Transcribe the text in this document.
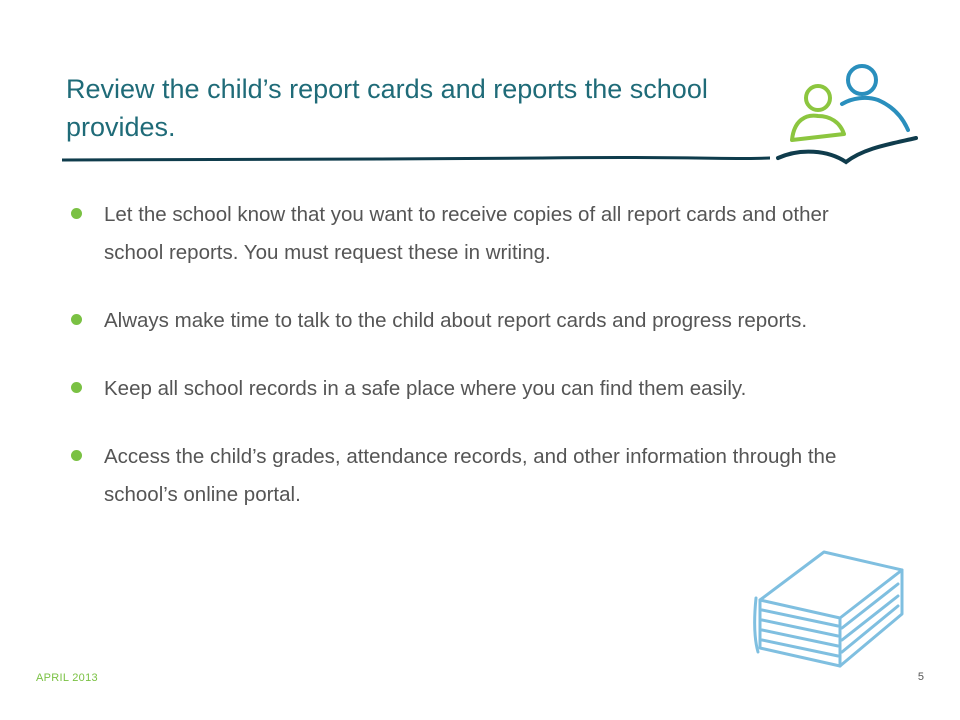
Review the child’s report cards and reports the school provides.
Let the school know that you want to receive copies of all report cards and other school reports. You must request these in writing.
Always make time to talk to the child about report cards and progress reports.
Keep all school records in a safe place where you can find them easily.
Access the child’s grades, attendance records, and other information through the school’s online portal.
APRIL 2013	5
